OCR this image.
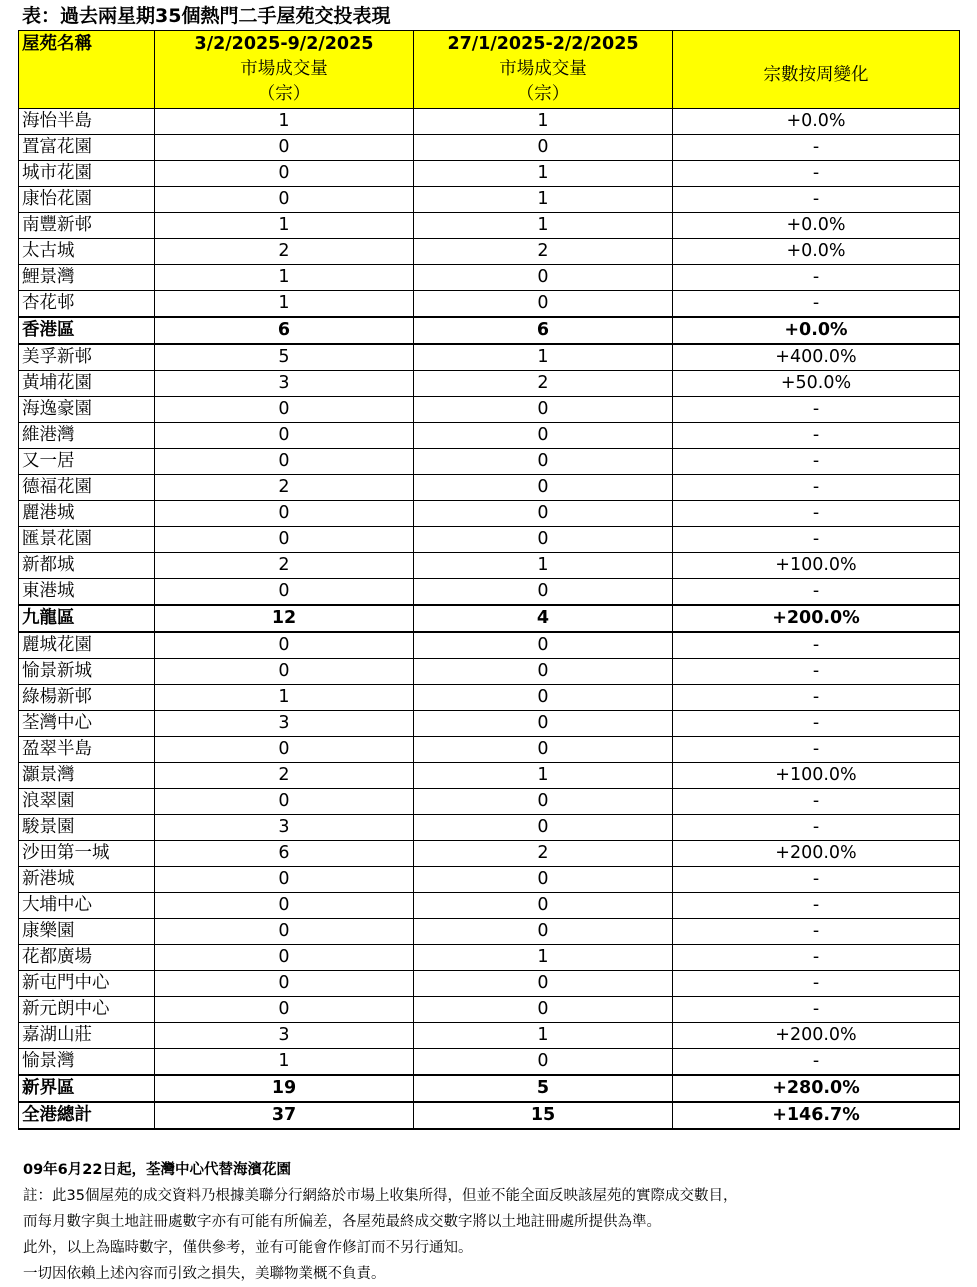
表：過去兩星期35個熱門二手屋苑交投表現
屋苑名稱	3/2/2025-9/2/2025
市場成交量
（宗）	27/1/2025-2/2/2025
市場成交量
（宗）	宗數按周變化
海怡半島	1	1	+0.0%
置富花園	0	0	-
城市花園	0	1	-
康怡花園	0	1	-
南豐新邨	1	1	+0.0%
太古城	2	2	+0.0%
鯉景灣	1	0	-
杏花邨	1	0	-
香港區	6	6	+0.0%
美孚新邨	5	1	+400.0%
黃埔花園	3	2	+50.0%
海逸豪園	0	0	-
維港灣	0	0	-
又一居	0	0	-
德福花園	2	0	-
麗港城	0	0	-
匯景花園	0	0	-
新都城	2	1	+100.0%
東港城	0	0	-
九龍區	12	4	+200.0%
麗城花園	0	0	-
愉景新城	0	0	-
綠楊新邨	1	0	-
荃灣中心	3	0	-
盈翠半島	0	0	-
灝景灣	2	1	+100.0%
浪翠園	0	0	-
駿景園	3	0	-
沙田第一城	6	2	+200.0%
新港城	0	0	-
大埔中心	0	0	-
康樂園	0	0	-
花都廣場	0	1	-
新屯門中心	0	0	-
新元朗中心	0	0	-
嘉湖山莊	3	1	+200.0%
愉景灣	1	0	-
新界區	19	5	+280.0%
全港總計	37	15	+146.7%
09年6月22日起，荃灣中心代替海濱花園
註：此35個屋苑的成交資料乃根據美聯分行網絡於市場上收集所得，但並不能全面反映該屋苑的實際成交數目，
而每月數字與土地註冊處數字亦有可能有所偏差，各屋苑最終成交數字將以土地註冊處所提供為準。
此外，以上為臨時數字，僅供參考，並有可能會作修訂而不另行通知。
一切因依賴上述內容而引致之損失，美聯物業概不負責。
